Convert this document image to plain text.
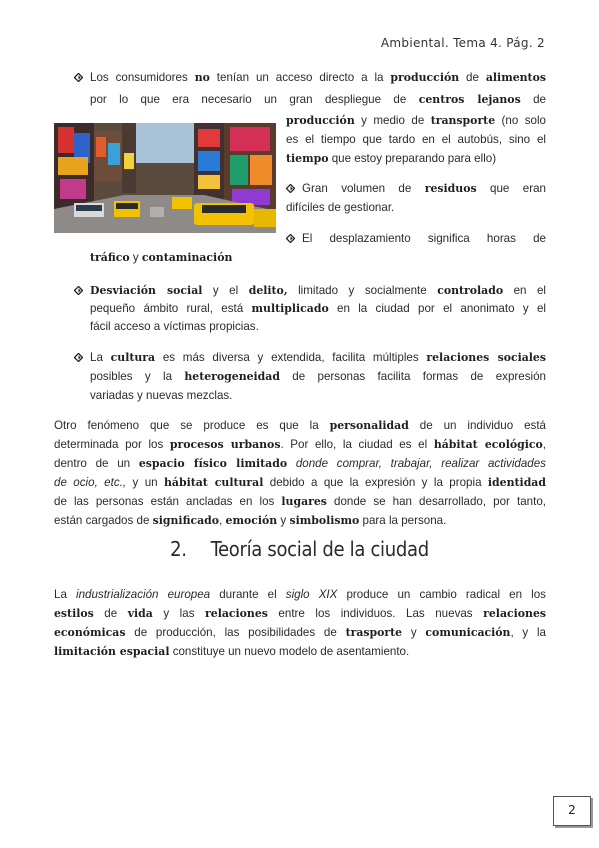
Ambiental. Tema 4. Pág. 2
Los consumidores no tenían un acceso directo a la producción de alimentos
por lo que era necesario un gran despliegue de centros lejanos de
producción y medio de transporte (no solo
es el tiempo que tardo en el autobús, sino el
tiempo que estoy preparando para ello)
Gran volumen de residuos que eran
difíciles de gestionar.
El desplazamiento significa horas de
tráfico y contaminación
Desviación social y el delito, limitado y socialmente controlado en el
pequeño ámbito rural, está multiplicado en la ciudad por el anonimato y el
fácil acceso a víctimas propicias.
La cultura es más diversa y extendida, facilita múltiples relaciones sociales
posibles y la heterogeneidad de personas facilita formas de expresión
variadas y nuevas mezclas.
Otro fenómeno que se produce es que la personalidad de un individuo está
determinada por los procesos urbanos. Por ello, la ciudad es el hábitat ecológico,
dentro de un espacio físico limitado donde comprar, trabajar, realizar actividades
de ocio, etc., y un hábitat cultural debido a que la expresión y la propia identidad
de las personas están ancladas en los lugares donde se han desarrollado, por tanto,
están cargados de significado, emoción y simbolismo para la persona.
2. Teoría social de la ciudad
La industrialización europea durante el siglo XIX produce un cambio radical en los
estilos de vida y las relaciones entre los individuos. Las nuevas relaciones
económicas de producción, las posibilidades de trasporte y comunicación, y la
limitación espacial constituye un nuevo modelo de asentamiento.
2
